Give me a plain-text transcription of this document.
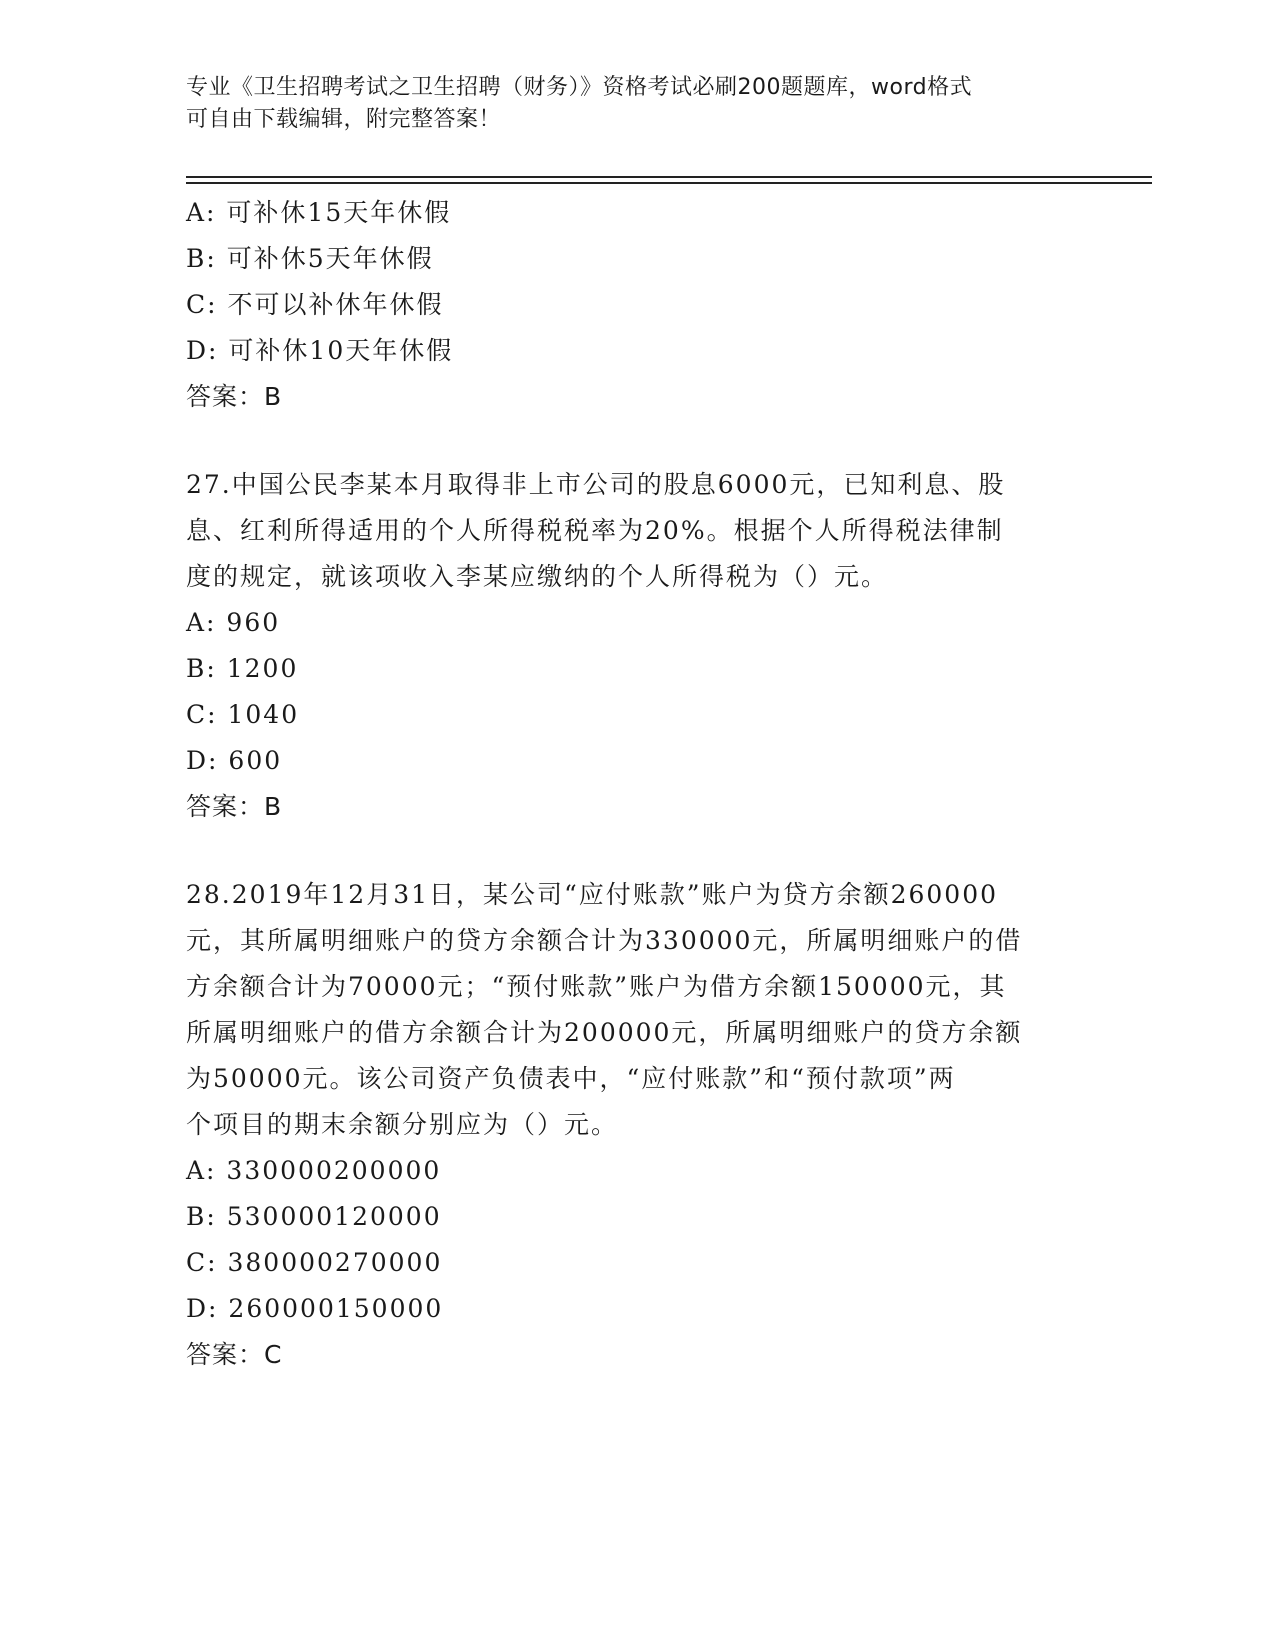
专业《卫生招聘考试之卫生招聘（财务）》资格考试必刷200题题库，word格式
可自由下载编辑，附完整答案！
A: 可补休15天年休假
B: 可补休5天年休假
C: 不可以补休年休假
D: 可补休10天年休假
答案：B
27.中国公民李某本月取得非上市公司的股息6000元，已知利息、股
息、红利所得适用的个人所得税税率为20%。根据个人所得税法律制
度的规定，就该项收入李某应缴纳的个人所得税为（）元。
A: 960
B: 1200
C: 1040
D: 600
答案：B
28.2019年12月31日，某公司“应付账款”账户为贷方余额260000
元，其所属明细账户的贷方余额合计为330000元，所属明细账户的借
方余额合计为70000元；“预付账款”账户为借方余额150000元，其
所属明细账户的借方余额合计为200000元，所属明细账户的贷方余额
为50000元。该公司资产负债表中，“应付账款”和“预付款项”两
个项目的期末余额分别应为（）元。
A: 330000200000
B: 530000120000
C: 380000270000
D: 260000150000
答案：C
